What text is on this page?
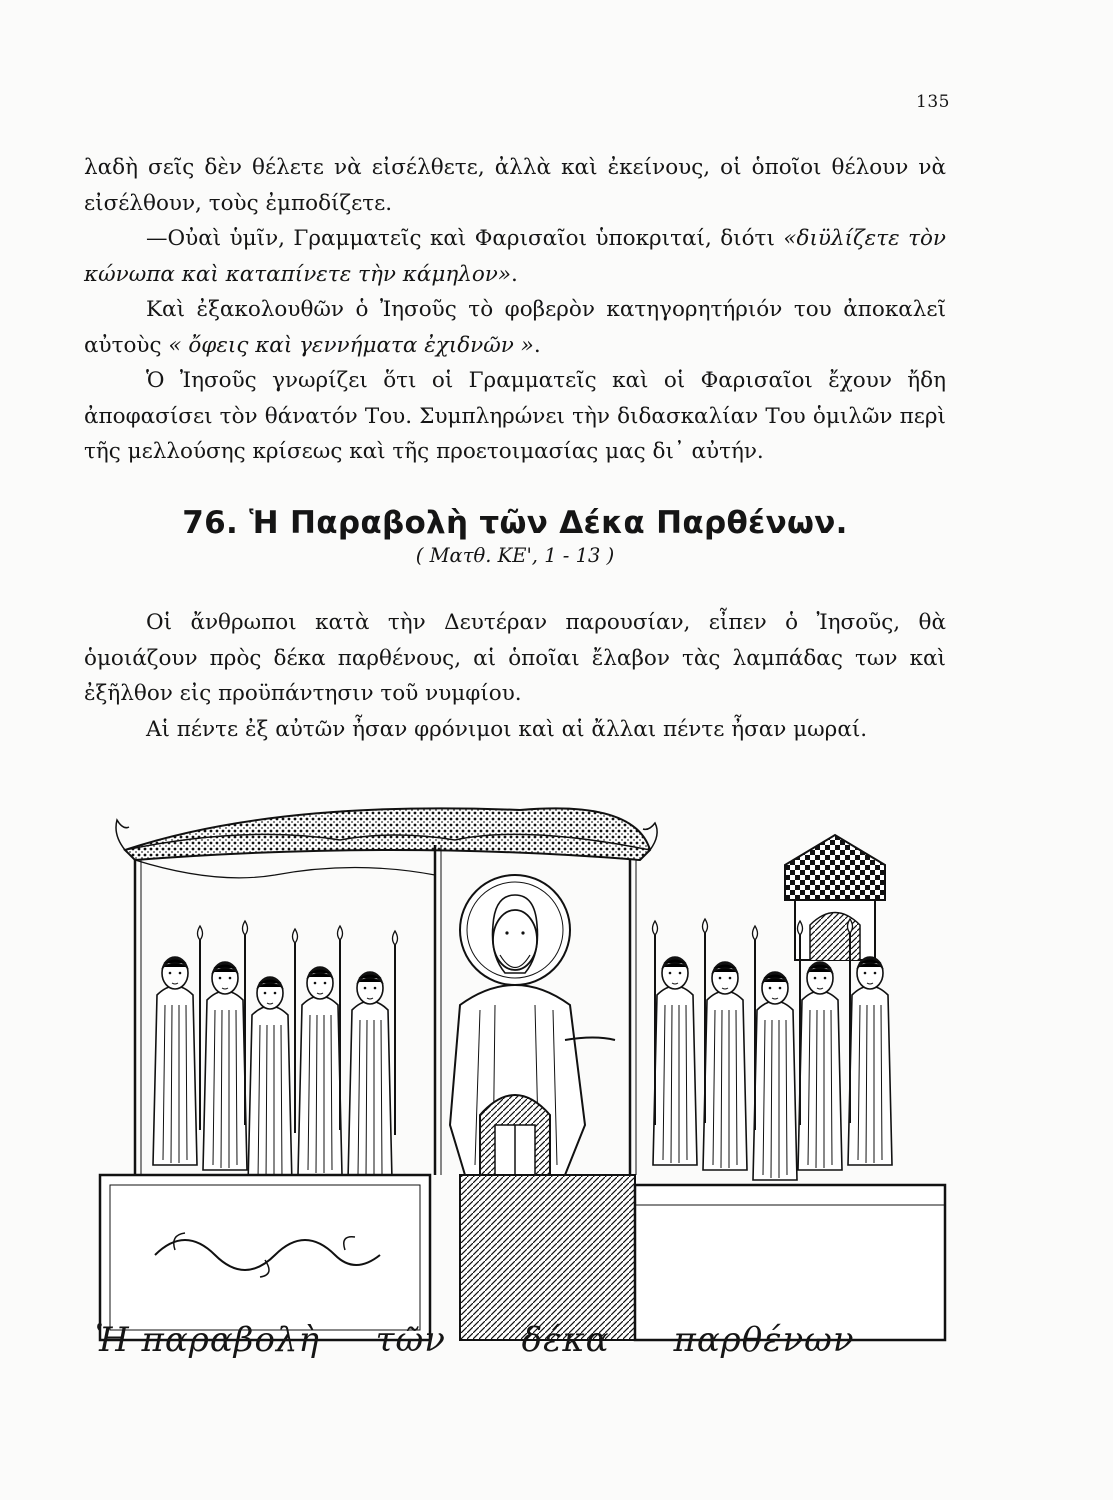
135

λαδὴ σεῖς δὲν θέλετε νὰ εἰσέλθετε, ἀλλὰ καὶ ἐκείνους, οἱ ὁποῖοι θέλουν νὰ εἰσέλθουν, τοὺς ἐμποδίζετε.

—Οὐαὶ ὑμῖν, Γραμματεῖς καὶ Φαρισαῖοι ὑποκριταί, διότι «διϋλίζετε τὸν κώνωπα καὶ καταπίνετε τὴν κάμηλον».

Καὶ ἐξακολουθῶν ὁ Ἰησοῦς τὸ φοβερὸν κατηγορητήριόν του ἀποκαλεῖ αὐτοὺς « ὄφεις καὶ γεννήματα ἐχιδνῶν ».

Ὁ Ἰησοῦς γνωρίζει ὅτι οἱ Γραμματεῖς καὶ οἱ Φαρισαῖοι ἔχουν ἤδη ἀποφασίσει τὸν θάνατόν Του. Συμπληρώνει τὴν διδασκαλίαν Του ὁμιλῶν περὶ τῆς μελλούσης κρίσεως καὶ τῆς προετοιμασίας μας δι᾽ αὐτήν.

76. Ἡ Παραβολὴ τῶν Δέκα Παρθένων.
( Ματθ. ΚΕ', 1 - 13 )

Οἱ ἄνθρωποι κατὰ τὴν Δευτέραν παρουσίαν, εἶπεν ὁ Ἰησοῦς, θὰ ὁμοιάζουν πρὸς δέκα παρθένους, αἱ ὁποῖαι ἔλαβον τὰς λαμπάδας των καὶ ἐξῆλθον εἰς προϋπάντησιν τοῦ νυμφίου.

Αἱ πέντε ἐξ αὐτῶν ἦσαν φρόνιμοι καὶ αἱ ἄλλαι πέντε ἦσαν μωραί.

Ἡ παραβολὴ τῶν δέκα παρθένων
